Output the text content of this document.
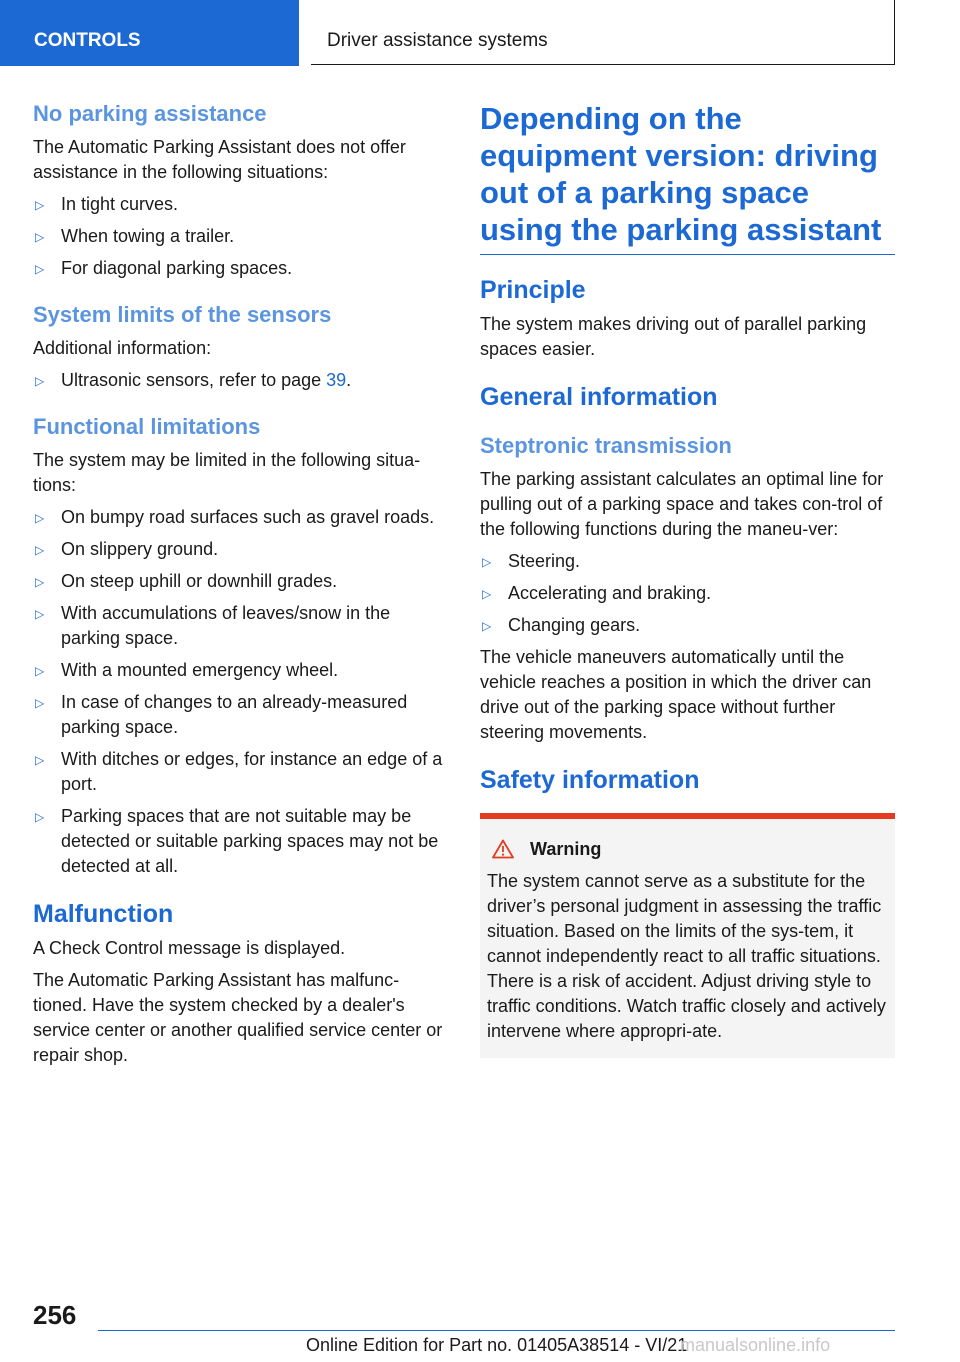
CONTROLS	Driver assistance systems
No parking assistance

The Automatic Parking Assistant does not offer assistance in the following situations:

▷ In tight curves.
▷ When towing a trailer.
▷ For diagonal parking spaces.
System limits of the sensors

Additional information:

▷ Ultrasonic sensors, refer to page 39.
Functional limitations

The system may be limited in the following situa-tions:

▷ On bumpy road surfaces such as gravel roads.
▷ On slippery ground.
▷ On steep uphill or downhill grades.
▷ With accumulations of leaves/snow in the parking space.
▷ With a mounted emergency wheel.
▷ In case of changes to an already-measured parking space.
▷ With ditches or edges, for instance an edge of a port.
▷ Parking spaces that are not suitable may be detected or suitable parking spaces may not be detected at all.
Malfunction

A Check Control message is displayed.

The Automatic Parking Assistant has malfunc-tioned. Have the system checked by a dealer's service center or another qualified service center or repair shop.

Depending on the equipment version: driving out of a parking space using the parking assistant
Principle

The system makes driving out of parallel parking spaces easier.

General information
Steptronic transmission

The parking assistant calculates an optimal line for pulling out of a parking space and takes con-trol of the following functions during the maneu-ver:

▷ Steering.
▷ Accelerating and braking.
▷ Changing gears.

The vehicle maneuvers automatically until the vehicle reaches a position in which the driver can drive out of the parking space without further steering movements.

Safety information
Warning

The system cannot serve as a substitute for the driver’s personal judgment in assessing the traffic situation. Based on the limits of the sys-tem, it cannot independently react to all traffic situations. There is a risk of accident. Adjust driving style to traffic conditions. Watch traffic closely and actively intervene where appropri-ate.

256
Online Edition for Part no. 01405A38514 - VI/21
manualsonline.info
